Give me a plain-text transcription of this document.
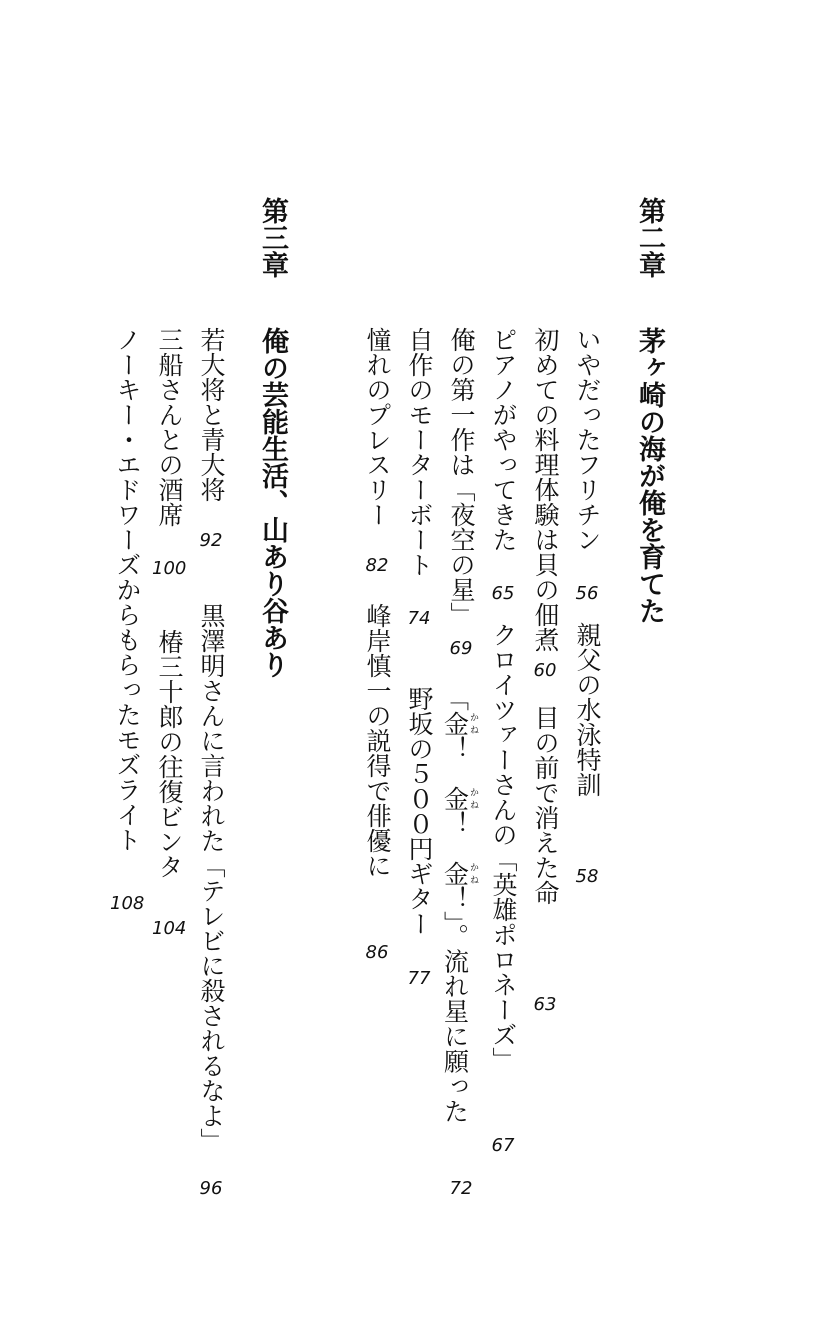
第二章
茅ヶ崎の海が俺を育てた
いやだったフリチン
56
親父の水泳特訓
58
初めての料理体験は貝の佃煮
60
目の前で消えた命
63
ピアノがやってきた
65
クロイツァーさんの「英雄ポロネーズ」
67
俺の第一作は「夜空の星」
69
「金かね！　金かね！　金かね！」。流れ星に願った
72
自作のモーターボート
74
野坂の５００円ギター
77
憧れのプレスリー
82
峰岸慎一の説得で俳優に
86
第三章
俺の芸能生活、山あり谷あり
若大将と青大将
92
黒澤明さんに言われた「テレビに殺されるなよ」
96
三船さんとの酒席
100
椿三十郎の往復ビンタ
104
ノーキー・エドワーズからもらったモズライト
108
